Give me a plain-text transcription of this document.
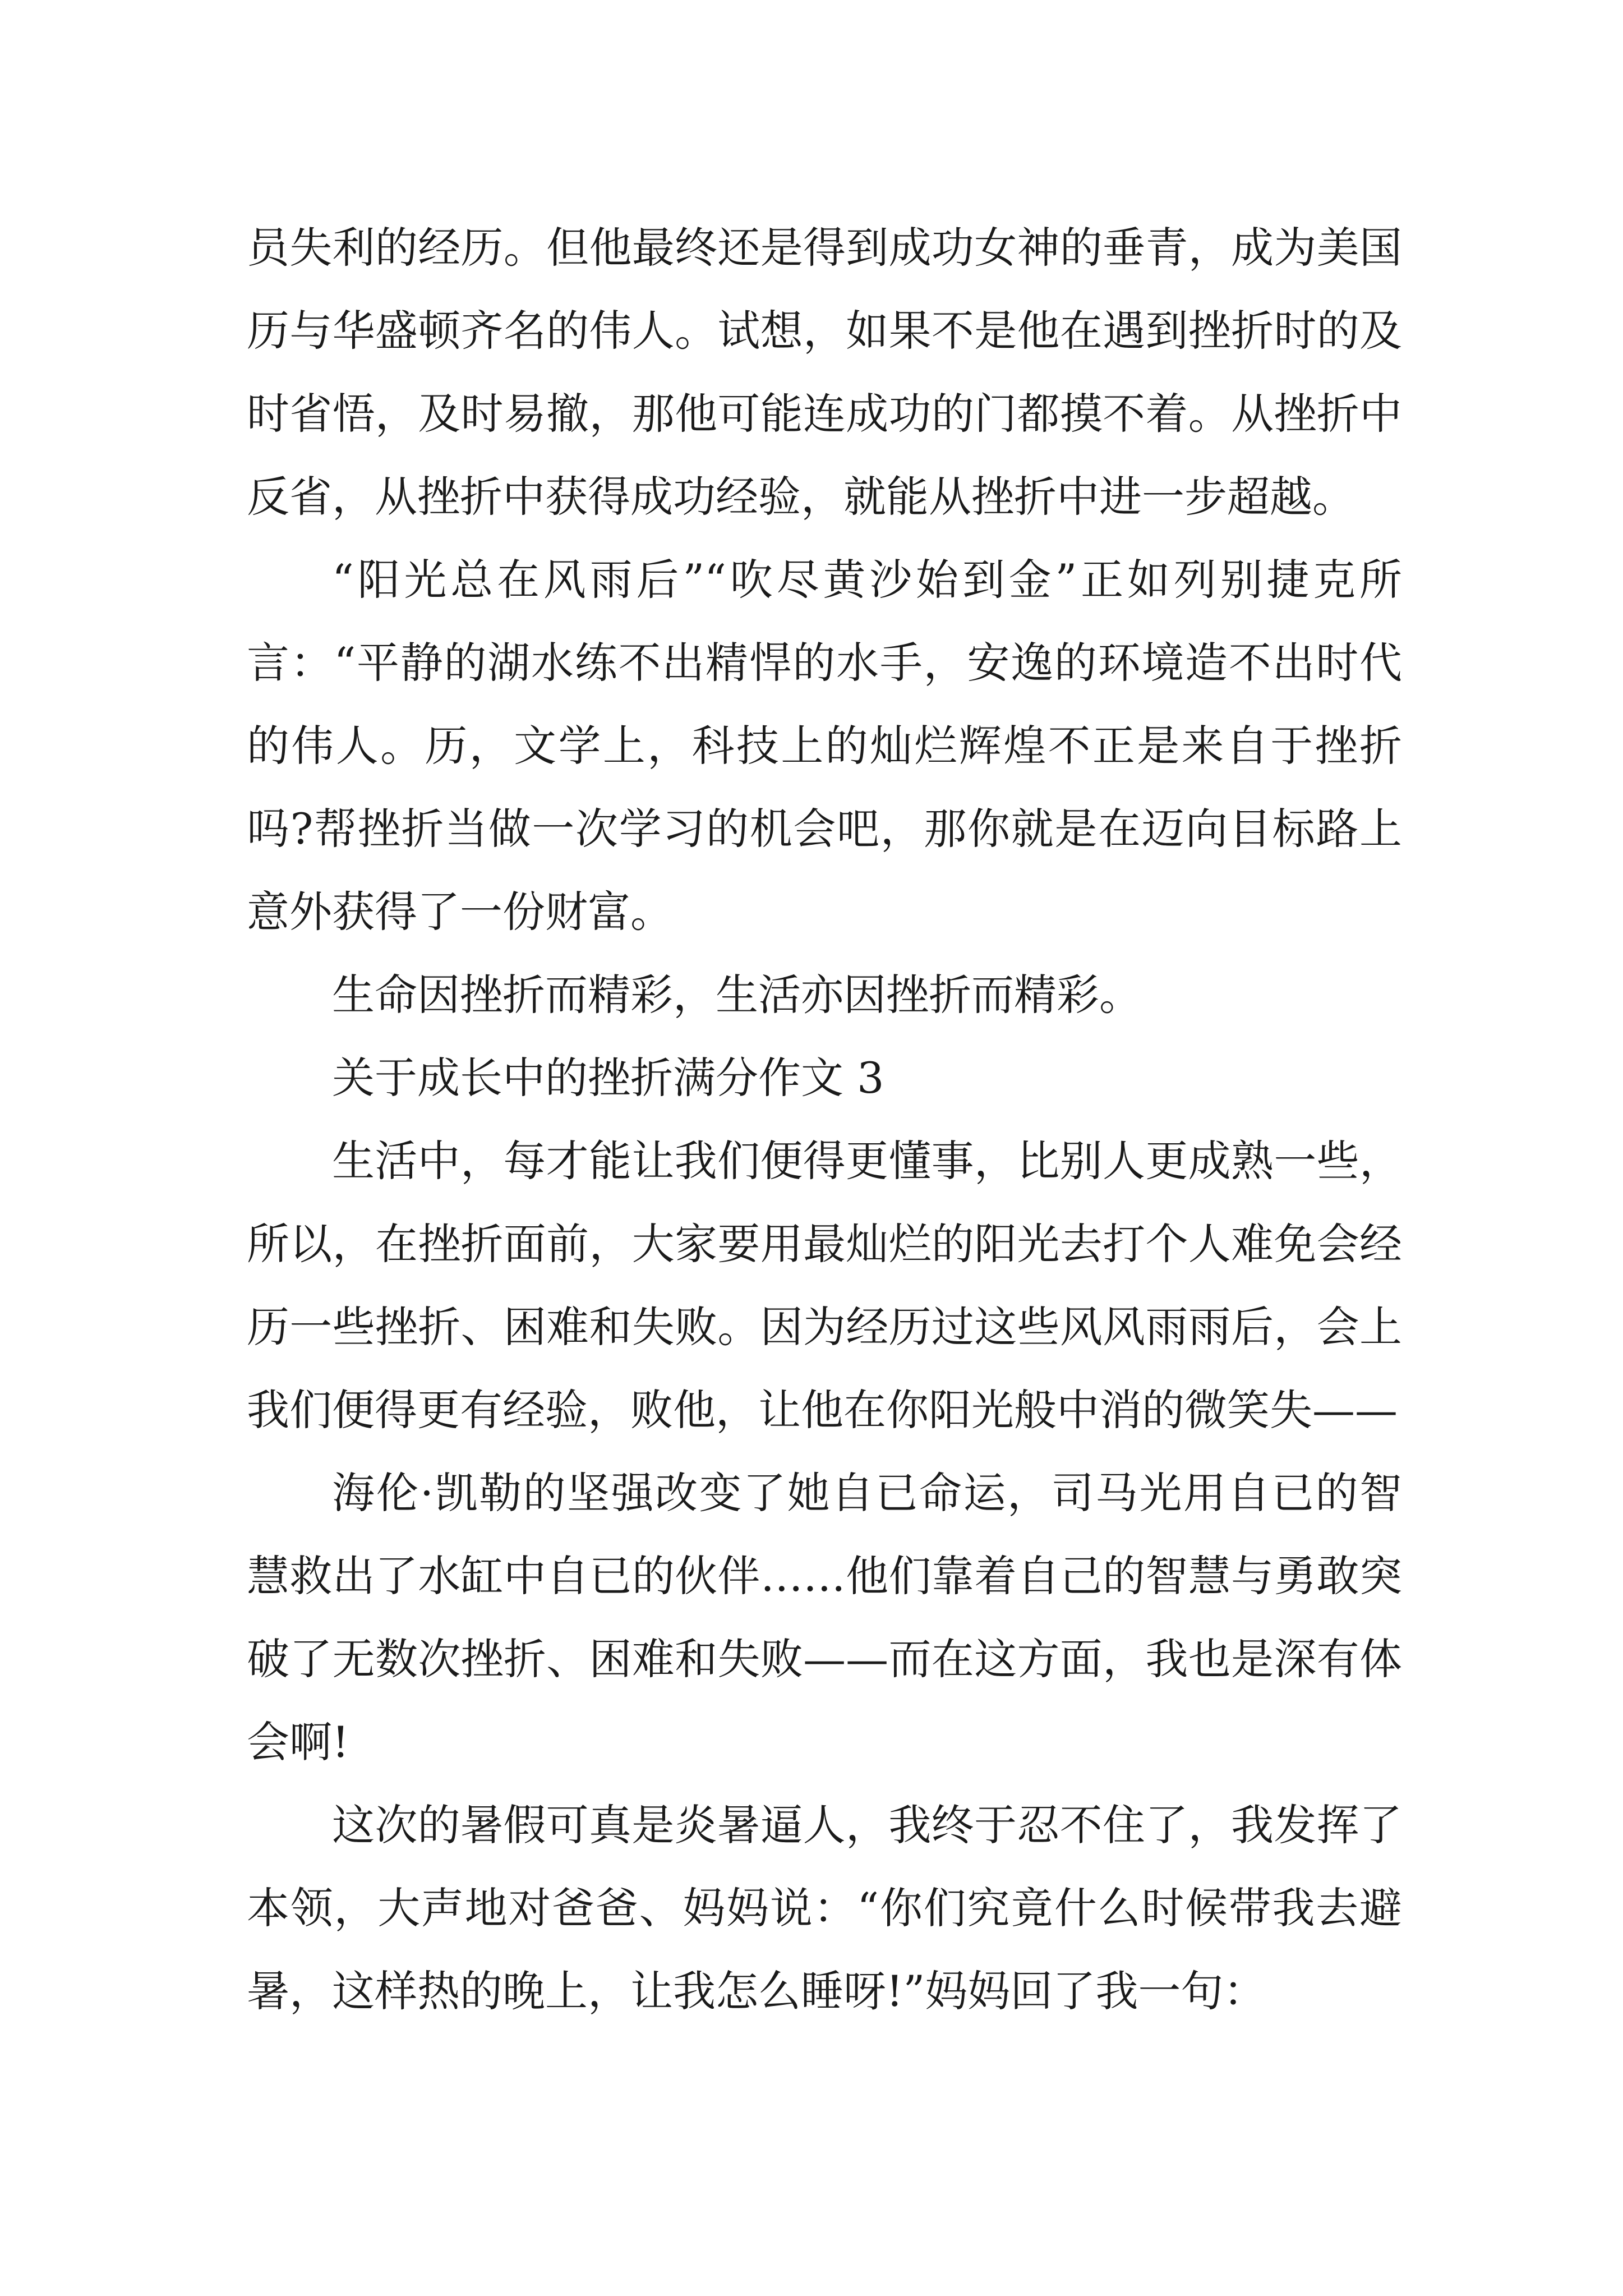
员失利的经历。但他最终还是得到成功女神的垂青，成为美国历与华盛顿齐名的伟人。试想，如果不是他在遇到挫折时的及时省悟，及时易撤，那他可能连成功的门都摸不着。从挫折中反省，从挫折中获得成功经验，就能从挫折中进一步超越。

“阳光总在风雨后”“吹尽黄沙始到金”正如列别捷克所言：“平静的湖水练不出精悍的水手，安逸的环境造不出时代的伟人。历，文学上，科技上的灿烂辉煌不正是来自于挫折吗?帮挫折当做一次学习的机会吧，那你就是在迈向目标路上意外获得了一份财富。

生命因挫折而精彩，生活亦因挫折而精彩。

关于成长中的挫折满分作文 3

生活中，每才能让我们便得更懂事，比别人更成熟一些，所以，在挫折面前，大家要用最灿烂的阳光去打个人难免会经历一些挫折、困难和失败。因为经历过这些风风雨雨后，会上我们便得更有经验，败他，让他在你阳光般中消的微笑失——

海伦·凯勒的坚强改变了她自已命运，司马光用自已的智慧救出了水缸中自已的伙伴……他们靠着自己的智慧与勇敢突破了无数次挫折、困难和失败——而在这方面，我也是深有体会啊!

这次的暑假可真是炎暑逼人，我终于忍不住了，我发挥了本领，大声地对爸爸、妈妈说：“你们究竟什么时候带我去避暑，这样热的晚上，让我怎么睡呀!”妈妈回了我一句：
